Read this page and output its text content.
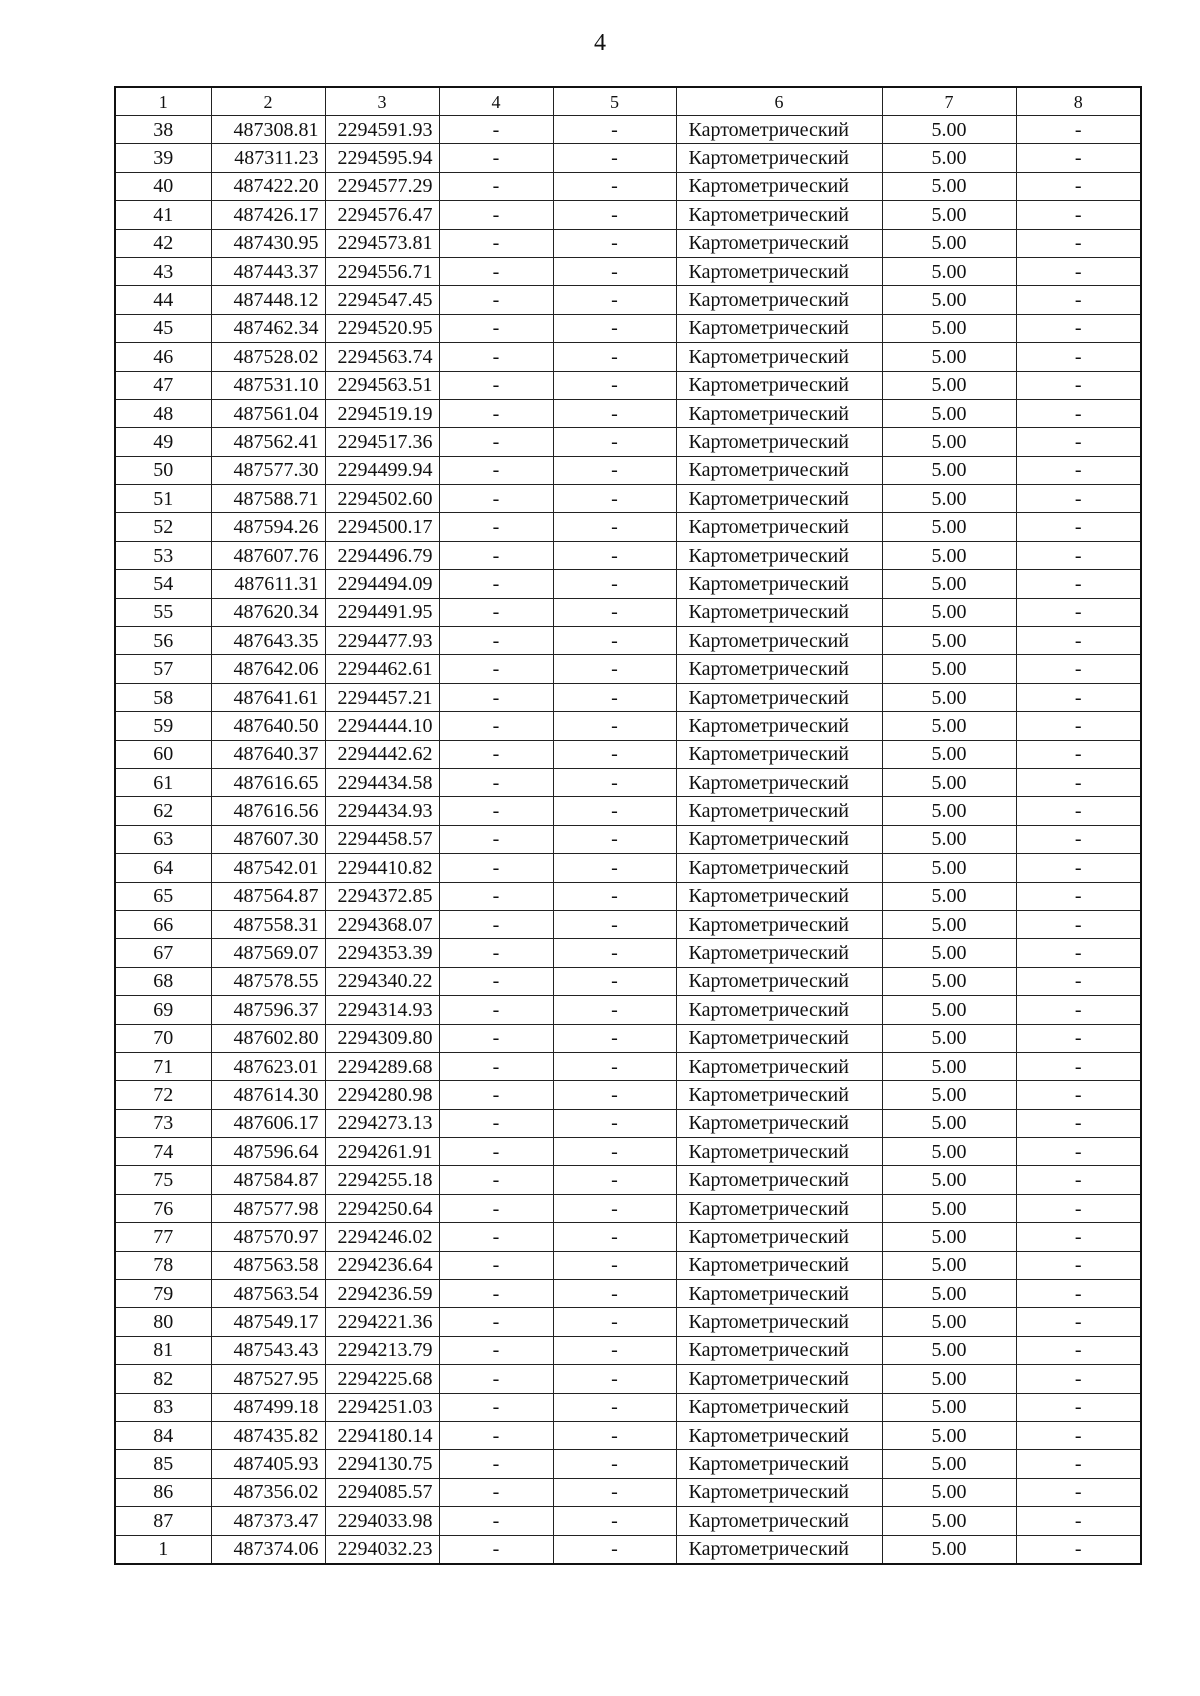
4
1	2	3	4	5	6	7	8
38	487308.81	2294591.93	-	-	Картометрический	5.00	-
39	487311.23	2294595.94	-	-	Картометрический	5.00	-
40	487422.20	2294577.29	-	-	Картометрический	5.00	-
41	487426.17	2294576.47	-	-	Картометрический	5.00	-
42	487430.95	2294573.81	-	-	Картометрический	5.00	-
43	487443.37	2294556.71	-	-	Картометрический	5.00	-
44	487448.12	2294547.45	-	-	Картометрический	5.00	-
45	487462.34	2294520.95	-	-	Картометрический	5.00	-
46	487528.02	2294563.74	-	-	Картометрический	5.00	-
47	487531.10	2294563.51	-	-	Картометрический	5.00	-
48	487561.04	2294519.19	-	-	Картометрический	5.00	-
49	487562.41	2294517.36	-	-	Картометрический	5.00	-
50	487577.30	2294499.94	-	-	Картометрический	5.00	-
51	487588.71	2294502.60	-	-	Картометрический	5.00	-
52	487594.26	2294500.17	-	-	Картометрический	5.00	-
53	487607.76	2294496.79	-	-	Картометрический	5.00	-
54	487611.31	2294494.09	-	-	Картометрический	5.00	-
55	487620.34	2294491.95	-	-	Картометрический	5.00	-
56	487643.35	2294477.93	-	-	Картометрический	5.00	-
57	487642.06	2294462.61	-	-	Картометрический	5.00	-
58	487641.61	2294457.21	-	-	Картометрический	5.00	-
59	487640.50	2294444.10	-	-	Картометрический	5.00	-
60	487640.37	2294442.62	-	-	Картометрический	5.00	-
61	487616.65	2294434.58	-	-	Картометрический	5.00	-
62	487616.56	2294434.93	-	-	Картометрический	5.00	-
63	487607.30	2294458.57	-	-	Картометрический	5.00	-
64	487542.01	2294410.82	-	-	Картометрический	5.00	-
65	487564.87	2294372.85	-	-	Картометрический	5.00	-
66	487558.31	2294368.07	-	-	Картометрический	5.00	-
67	487569.07	2294353.39	-	-	Картометрический	5.00	-
68	487578.55	2294340.22	-	-	Картометрический	5.00	-
69	487596.37	2294314.93	-	-	Картометрический	5.00	-
70	487602.80	2294309.80	-	-	Картометрический	5.00	-
71	487623.01	2294289.68	-	-	Картометрический	5.00	-
72	487614.30	2294280.98	-	-	Картометрический	5.00	-
73	487606.17	2294273.13	-	-	Картометрический	5.00	-
74	487596.64	2294261.91	-	-	Картометрический	5.00	-
75	487584.87	2294255.18	-	-	Картометрический	5.00	-
76	487577.98	2294250.64	-	-	Картометрический	5.00	-
77	487570.97	2294246.02	-	-	Картометрический	5.00	-
78	487563.58	2294236.64	-	-	Картометрический	5.00	-
79	487563.54	2294236.59	-	-	Картометрический	5.00	-
80	487549.17	2294221.36	-	-	Картометрический	5.00	-
81	487543.43	2294213.79	-	-	Картометрический	5.00	-
82	487527.95	2294225.68	-	-	Картометрический	5.00	-
83	487499.18	2294251.03	-	-	Картометрический	5.00	-
84	487435.82	2294180.14	-	-	Картометрический	5.00	-
85	487405.93	2294130.75	-	-	Картометрический	5.00	-
86	487356.02	2294085.57	-	-	Картометрический	5.00	-
87	487373.47	2294033.98	-	-	Картометрический	5.00	-
1	487374.06	2294032.23	-	-	Картометрический	5.00	-
